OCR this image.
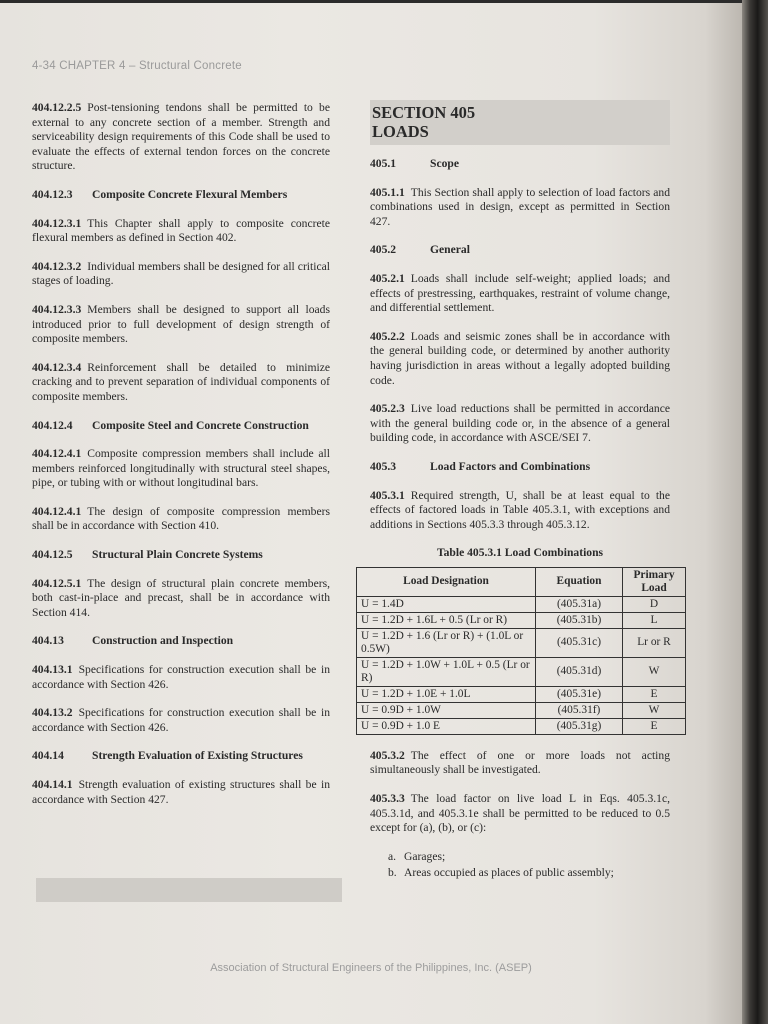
4-34 CHAPTER 4 – Structural Concrete

404.12.2.5 Post-tensioning tendons shall be permitted to be external to any concrete section of a member. Strength and serviceability design requirements of this Code shall be used to evaluate the effects of external tendon forces on the concrete structure.

404.12.3 Composite Concrete Flexural Members

404.12.3.1 This Chapter shall apply to composite concrete flexural members as defined in Section 402.

404.12.3.2 Individual members shall be designed for all critical stages of loading.

404.12.3.3 Members shall be designed to support all loads introduced prior to full development of design strength of composite members.

404.12.3.4 Reinforcement shall be detailed to minimize cracking and to prevent separation of individual components of composite members.

404.12.4	Composite Steel and Concrete Construction

404.12.4.1 Composite compression members shall include all members reinforced longitudinally with structural steel shapes, pipe, or tubing with or without longitudinal bars.

404.12.4.1 The design of composite compression members shall be in accordance with Section 410.

404.12.5 Structural Plain Concrete Systems

404.12.5.1 The design of structural plain concrete members, both cast-in-place and precast, shall be in accordance with Section 414.

404.13 Construction and Inspection

404.13.1 Specifications for construction execution shall be in accordance with Section 426.

404.13.2 Specifications for construction execution shall be in accordance with Section 426.

404.14 Strength Evaluation of Existing Structures

404.14.1 Strength evaluation of existing structures shall be in accordance with Section 427.

SECTION 405
LOADS
405.1	Scope

405.1.1 This Section shall apply to selection of load factors and combinations used in design, except as permitted in Section 427.

405.2	General

405.2.1 Loads shall include self-weight; applied loads; and effects of prestressing, earthquakes, restraint of volume change, and differential settlement.

405.2.2 Loads and seismic zones shall be in accordance with the general building code, or determined by another authority having jurisdiction in areas without a legally adopted building code.

405.2.3 Live load reductions shall be permitted in accordance with the general building code or, in the absence of a general building code, in accordance with ASCE/SEI 7.

405.3	Load Factors and Combinations

405.3.1 Required strength, U, shall be at least equal to the effects of factored loads in Table 405.3.1, with exceptions and additions in Sections 405.3.3 through 405.3.12.

Table 405.3.1 Load Combinations
Load Designation	Equation	Primary Load
U = 1.4D	(405.31a)	D
U = 1.2D + 1.6L + 0.5 (Lr or R)	(405.31b)	L
U = 1.2D + 1.6 (Lr or R) + (1.0L or 0.5W)	(405.31c)	Lr or R
U = 1.2D + 1.0W + 1.0L + 0.5 (Lr or R)	(405.31d)	W
U = 1.2D + 1.0E + 1.0L	(405.31e)	E
U = 0.9D + 1.0W	(405.31f)	W
U = 0.9D + 1.0 E	(405.31g)	E

405.3.2 The effect of one or more loads not acting simultaneously shall be investigated.

405.3.3 The load factor on live load L in Eqs. 405.3.1c, 405.3.1d, and 405.3.1e shall be permitted to be reduced to 0.5 except for (a), (b), or (c):

a. Garages;
b. Areas occupied as places of public assembly;
Association of Structural Engineers of the Philippines, Inc. (ASEP)
